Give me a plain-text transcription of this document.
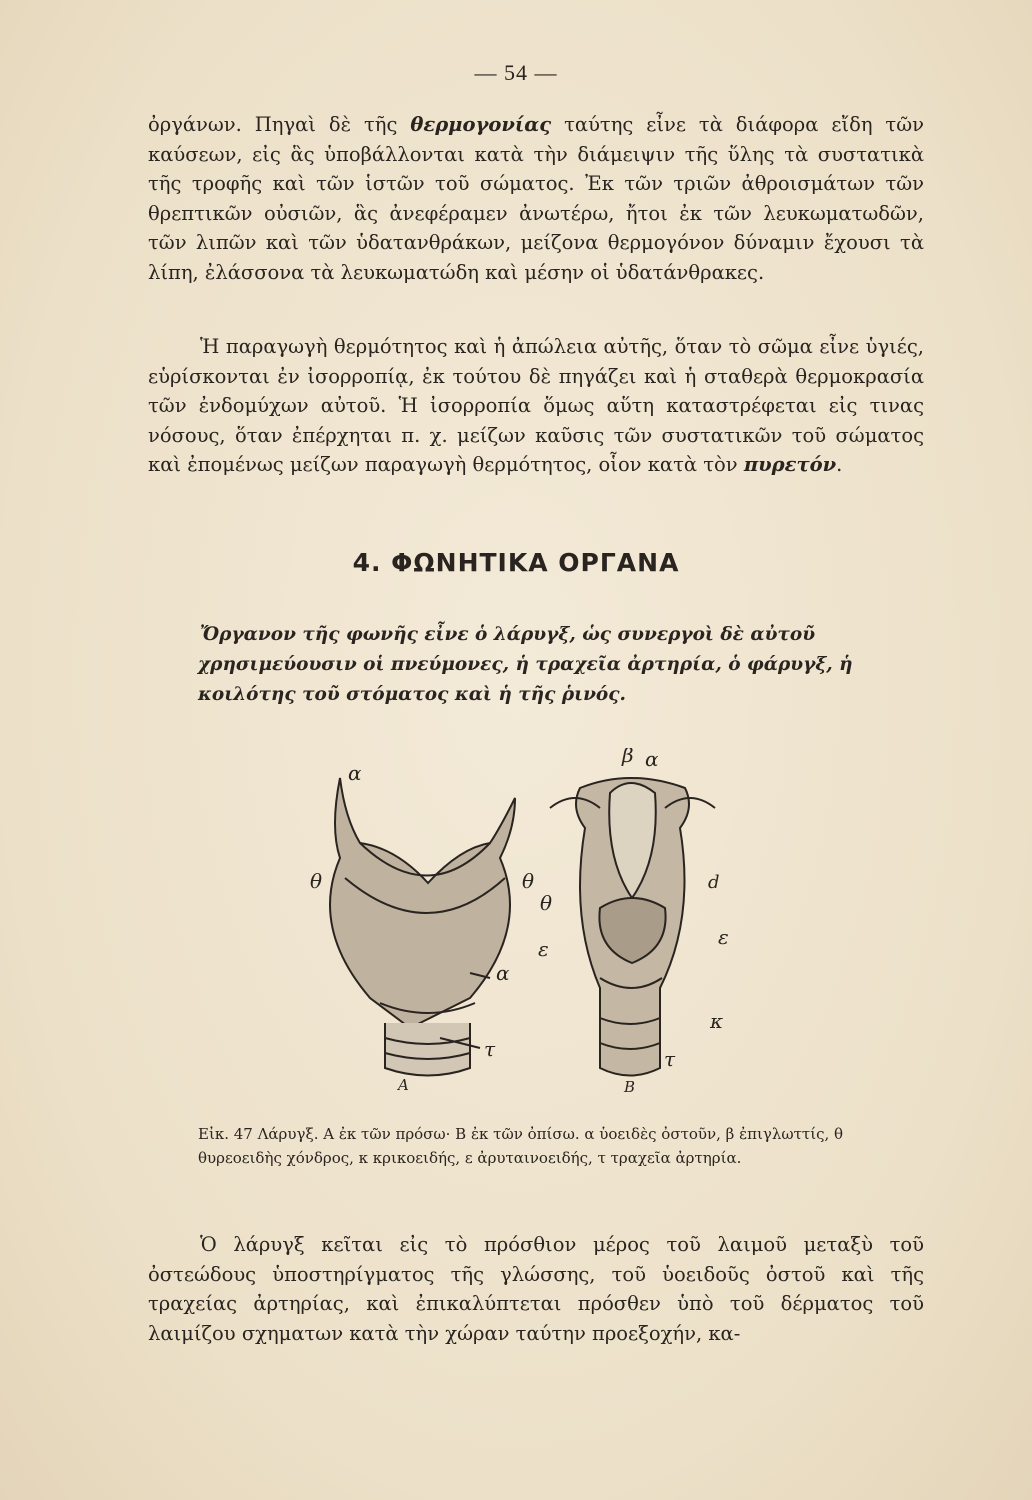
— 54 —

ὀργάνων. Πηγαὶ δὲ τῆς θερμογονίας ταύτης εἶνε τὰ διάφορα εἴδη τῶν καύσεων, εἰς ἃς ὑποβάλλονται κατὰ τὴν διάμειψιν τῆς ὕλης τὰ συστατικὰ τῆς τροφῆς καὶ τῶν ἱστῶν τοῦ σώματος. Ἐκ τῶν τριῶν ἀθροισμάτων τῶν θρεπτικῶν οὐσιῶν, ἃς ἀνεφέραμεν ἀνωτέρω, ἤτοι ἐκ τῶν λευκωματωδῶν, τῶν λιπῶν καὶ τῶν ὑδατανθράκων, μείζονα θερμογόνον δύναμιν ἔχουσι τὰ λίπη, ἐλάσσονα τὰ λευκωματώδη καὶ μέσην οἱ ὑδατάνθρακες.

Ἡ παραγωγὴ θερμότητος καὶ ἡ ἀπώλεια αὐτῆς, ὅταν τὸ σῶμα εἶνε ὑγιές, εὑρίσκονται ἐν ἰσορροπίᾳ, ἐκ τούτου δὲ πηγάζει καὶ ἡ σταθερὰ θερμοκρασία τῶν ἐνδομύχων αὐτοῦ. Ἡ ἰσορροπία ὅμως αὕτη καταστρέφεται εἰς τινας νόσους, ὅταν ἐπέρχηται π. χ. μείζων καῦσις τῶν συστατικῶν τοῦ σώματος καὶ ἐπομένως μείζων παραγωγὴ θερμότητος, οἷον κατὰ τὸν πυρετόν.

4. ΦΩΝΗΤΙΚΑ ΟΡΓΑΝΑ
Ὄργανον τῆς φωνῆς εἶνε ὁ λάρυγξ, ὡς συνεργοὶ δὲ αὐτοῦ χρησιμεύουσιν οἱ πνεύμονες, ἡ τραχεῖα ἀρτηρία, ὁ φάρυγξ, ἡ κοιλότης τοῦ στόματος καὶ ἡ τῆς ῥινός.
α
θ	θ
α
τ
A
β α
d
θ
ε
ε
κ
τ
B
Εἰκ. 47 Λάρυγξ. Α ἐκ τῶν πρόσω· Β ἐκ τῶν ὀπίσω. α ὑοειδὲς ὀστοῦν, β ἐπιγλωττίς, θ θυρεοειδὴς χόνδρος, κ κρικοειδής, ε ἀρυταινοειδής, τ τραχεῖα ἀρτηρία.

Ὁ λάρυγξ κεῖται εἰς τὸ πρόσθιον μέρος τοῦ λαιμοῦ μεταξὺ τοῦ ὀστεώδους ὑποστηρίγματος τῆς γλώσσης, τοῦ ὑοειδοῦς ὀστοῦ καὶ τῆς τραχείας ἀρτηρίας, καὶ ἐπικαλύπτεται πρόσθεν ὑπὸ τοῦ δέρματος τοῦ λαιμίζου σχηματων κατὰ τὴν χώραν ταύτην προεξοχήν, κα-
